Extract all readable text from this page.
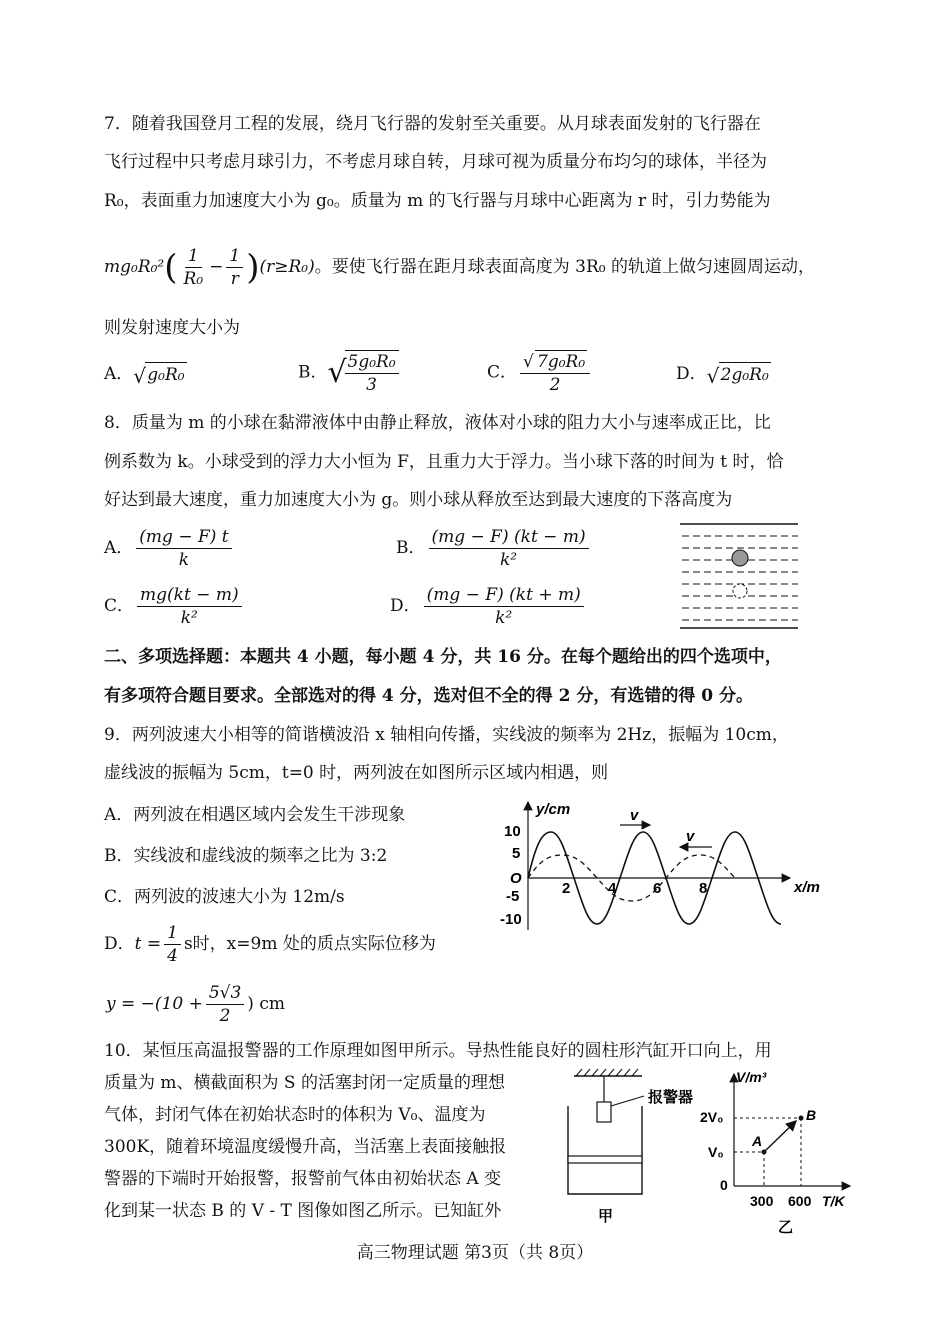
7．随着我国登月工程的发展，绕月飞行器的发射至关重要。从月球表面发射的飞行器在
飞行过程中只考虑月球引力，不考虑月球自转，月球可视为质量分布均匀的球体，半径为
R₀，表面重力加速度大小为 g₀。质量为 m 的飞行器与月球中心距离为 r 时，引力势能为
$mg_0R_0^2( \frac{1}{\text{R₀}} - \frac{1}{r} )(r\ge R_0)$。要使飞行器在距月球表面高度为 3R₀ 的轨道上做匀速圆周运动，
则发射速度大小为
A． √ g₀R₀	B． √
$\frac{\text{5g₀R₀}}{3}$	C． $\frac{\text{√ 7g₀R₀}}{2}$	D． √ 2g₀R₀
8．质量为 m 的小球在黏滞液体中由静止释放，液体对小球的阻力大小与速率成正比，比
例系数为 k。小球受到的浮力大小恒为 F，且重力大于浮力。当小球下落的时间为 t 时，恰
好达到最大速度，重力加速度大小为 g。则小球从释放至达到最大速度的下落高度为
A． $\frac{(mg - F) t}{k}$	B． $\frac{(mg - F) (kt - m)}{\text{k²}}$
C． $\frac{mg(kt - m)}{\text{k²}}$	D． $\frac{(mg - F) (kt + m)}{\text{k²}}$
二、多项选择题：本题共 4 小题，每小题 4 分，共 16 分。在每个题给出的四个选项中，
有多项符合题目要求。全部选对的得 4 分，选对但不全的得 2 分，有选错的得 0 分。
9．两列波速大小相等的简谐横波沿 x 轴相向传播，实线波的频率为 2Hz，振幅为 10cm，
虚线波的振幅为 5cm，t=0 时，两列波在如图所示区域内相遇，则
A．两列波在相遇区域内会发生干涉现象
B．实线波和虚线波的频率之比为 3:2
C．两列波的波速大小为 12m/s
D．$t = \frac{1}{4}$ s时，x=9m 处的质点实际位移为
$y = -(10 + \frac{5√3}{2}$ ) cm
y/cm
x/m
O
10
5
-5
-10
2	4 6	8
v
v
10．某恒压高温报警器的工作原理如图甲所示。导热性能良好的圆柱形汽缸开口向上，用
质量为 m、横截面积为 S 的活塞封闭一定质量的理想
气体，封闭气体在初始状态时的体积为 V₀、温度为
300K，随着环境温度缓慢升高，当活塞上表面接触报
警器的下端时开始报警，报警前气体由初始状态 A 变
化到某一状态 B 的 V - T 图像如图乙所示。已知缸外
报警器
甲
V/m³
T/K
2V₀
V₀
0
300 600
A
B
乙
高三物理试题 第3页（共 8页）
